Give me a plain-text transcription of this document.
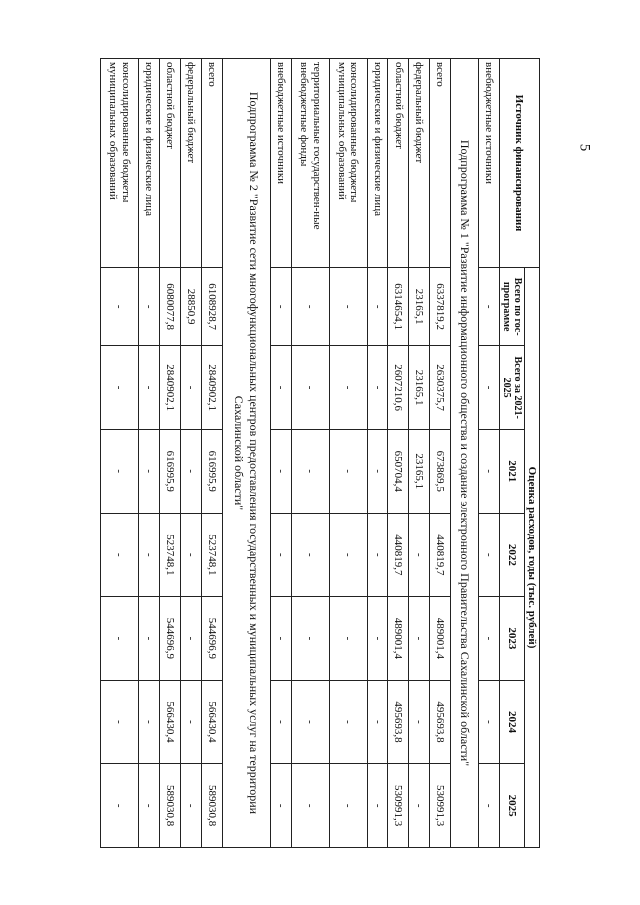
5
Источник финансирования	Оценка расходов, годы (тыс. рублей)						
	Всего по гос-программе	Всего за 2021-2025	2021	2022	2023	2024	2025
внебюджетные источники	-	-	-	-	-	-	-
Подпрограмма № 1 "Развитие информационного общества и создание электронного Правительства Сахалинской области"							
всего	6337819,2	2630375,7	673869,5	440819,7	489001,4	495693,8	530991,3
федеральный бюджет	23165,1	23165,1	23165,1	-	-	-	-
областной бюджет	6314654,1	2607210,6	650704,4	440819,7	489001,4	495693,8	530991,3
юридические и физические лица	-	-	-	-	-	-	-
консолидированные бюджеты муниципальных образований	-	-	-	-	-	-	-
территориальные государствен-ные внебюджетные фонды	-	-	-	-	-	-	-
внебюджетные источники	-	-	-	-	-	-	-
Подпрограмма № 2 "Развитие сети многофункциональных центров предоставления государственных и муниципальных услуг на территории Сахалинской области"							
всего	6108928,7	2840902,1	616995,9	523748,1	544696,9	566430,4	589030,8
федеральный бюджет	28850,9	-	-	-	-	-	-
областной бюджет	6080077,8	2840902,1	616995,9	523748,1	544696,9	566430,4	589030,8
юридические и физические лица	-	-	-	-	-	-	-
консолидированные бюджеты муниципальных образований	-	-	-	-	-	-	-
